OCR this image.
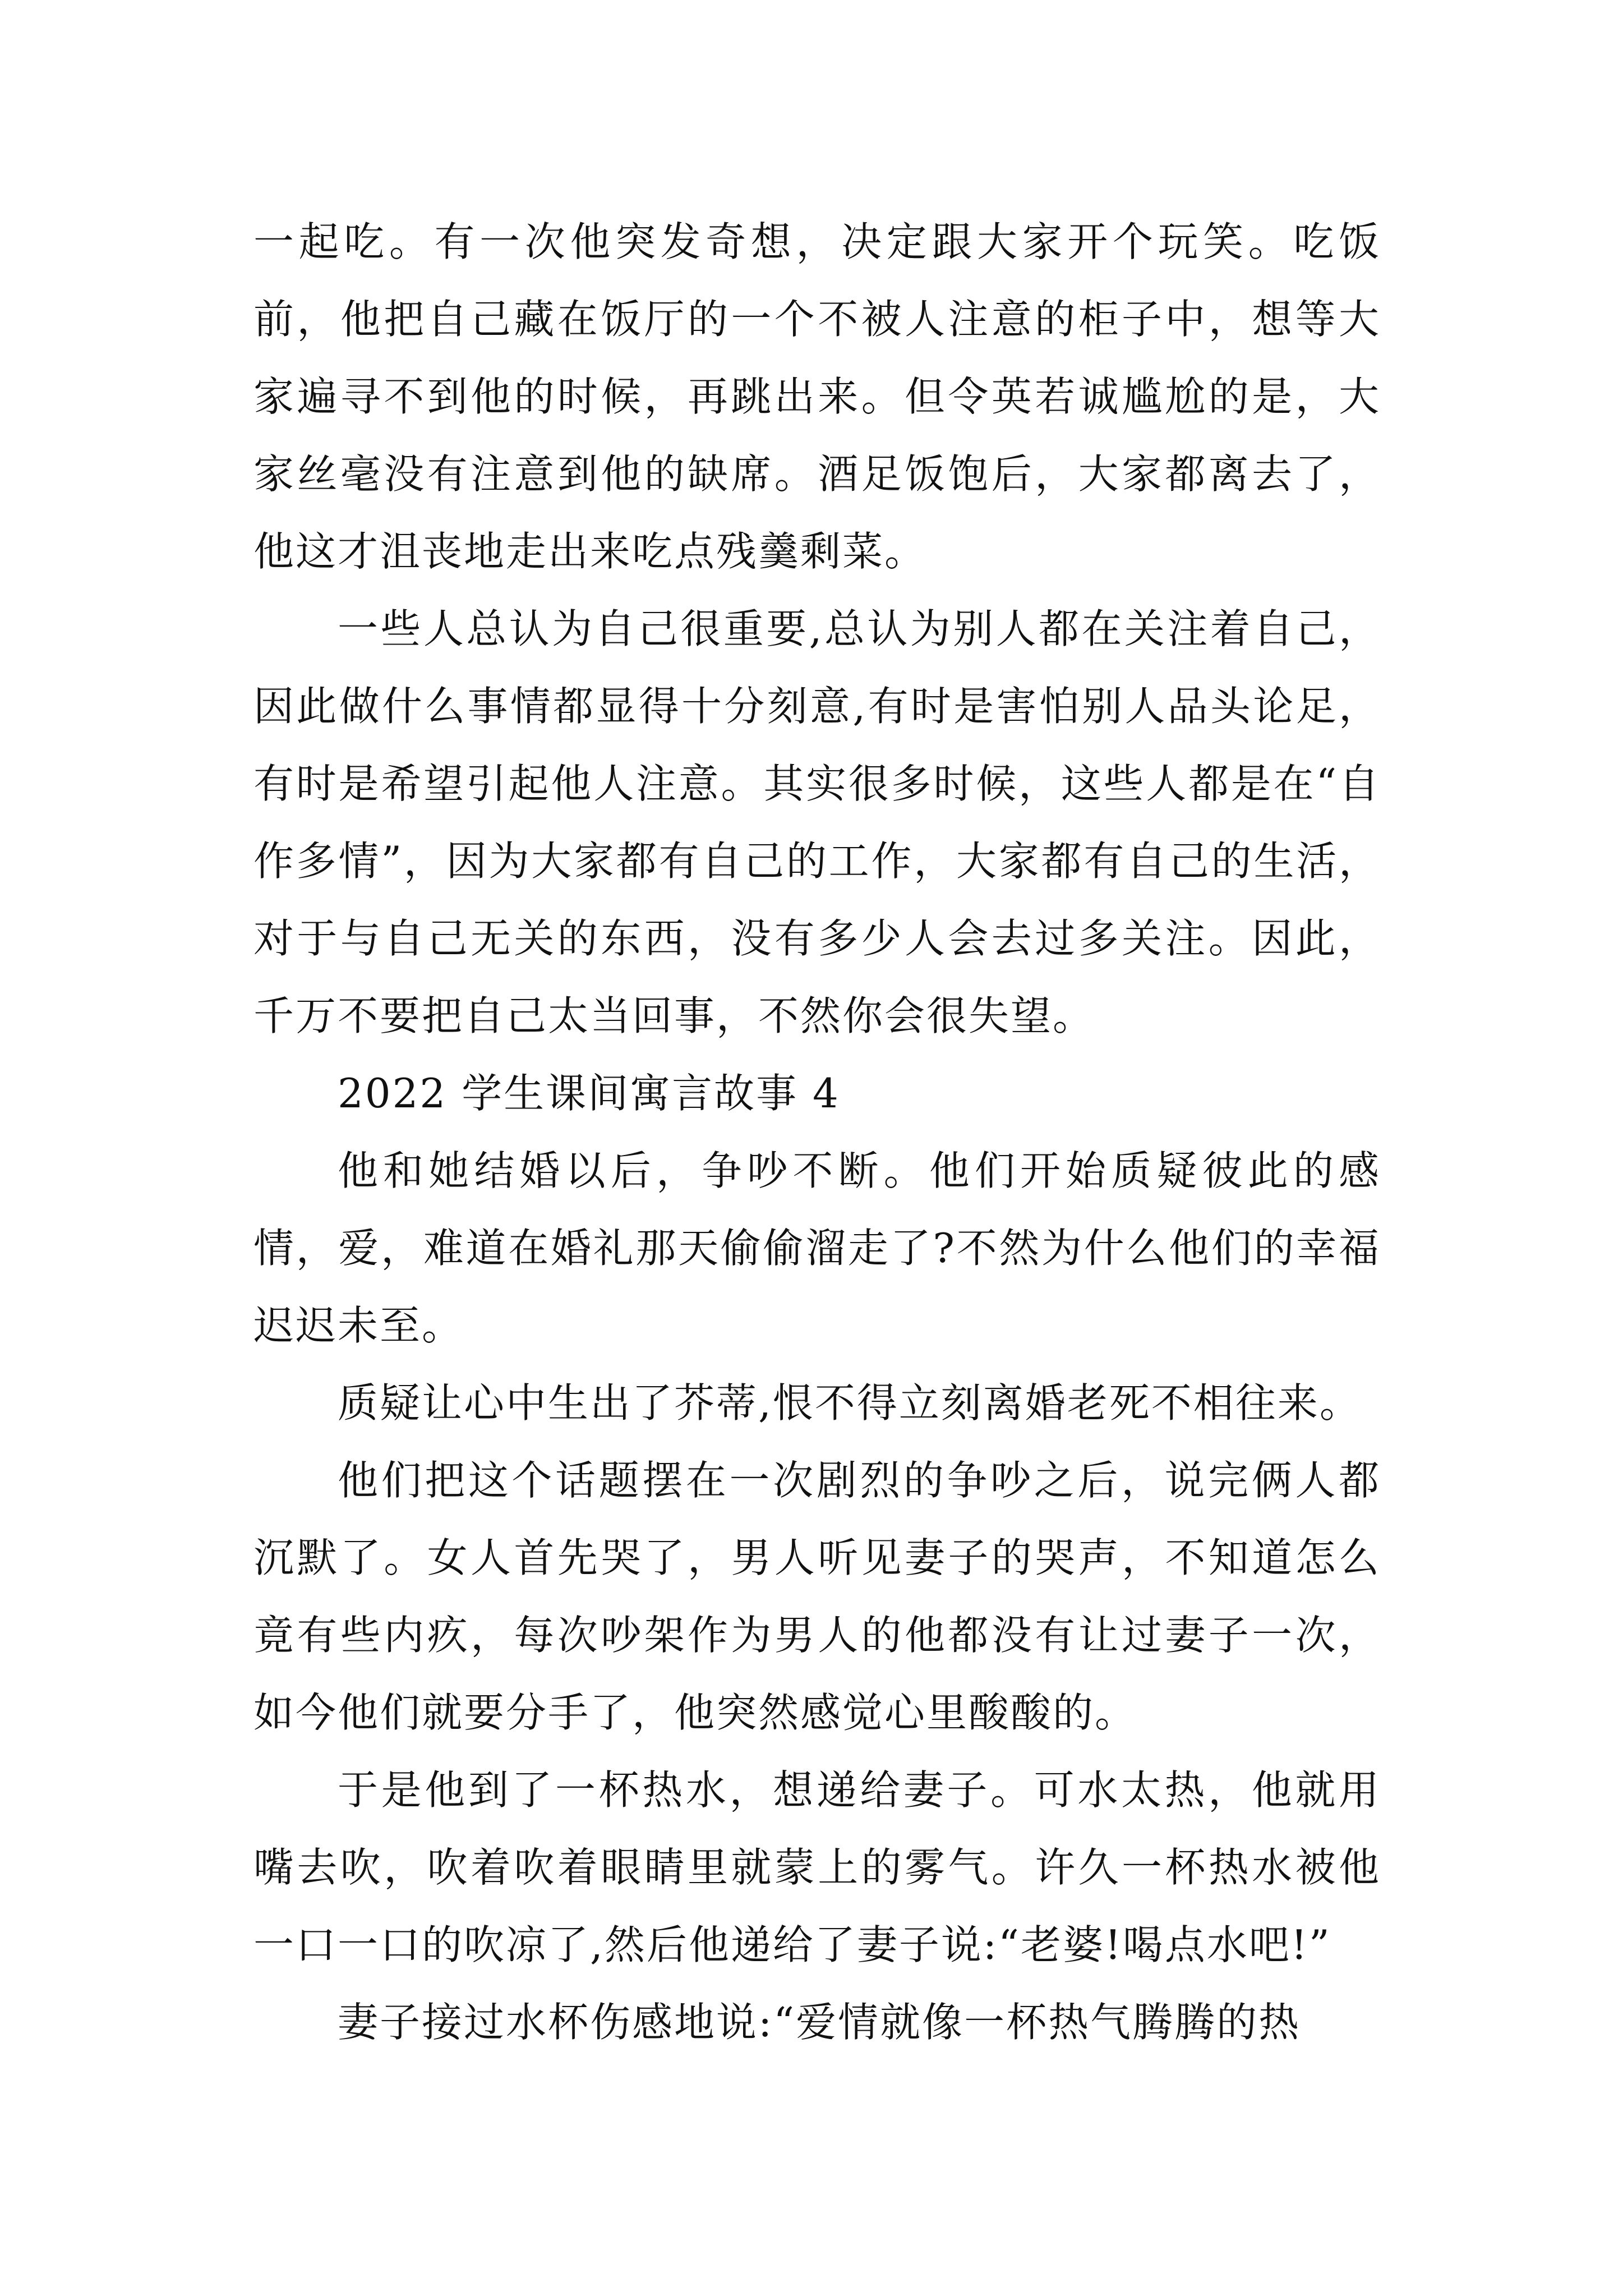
一起吃。有一次他突发奇想，决定跟大家开个玩笑。吃饭前，他把自己藏在饭厅的一个不被人注意的柜子中，想等大家遍寻不到他的时候，再跳出来。但令英若诚尴尬的是，大家丝毫没有注意到他的缺席。酒足饭饱后，大家都离去了，他这才沮丧地走出来吃点残羹剩菜。

一些人总认为自己很重要,总认为别人都在关注着自己，因此做什么事情都显得十分刻意,有时是害怕别人品头论足，有时是希望引起他人注意。其实很多时候，这些人都是在“自作多情”，因为大家都有自己的工作，大家都有自己的生活，对于与自己无关的东西，没有多少人会去过多关注。因此，千万不要把自己太当回事，不然你会很失望。

2022 学生课间寓言故事 4

他和她结婚以后，争吵不断。他们开始质疑彼此的感情，爱，难道在婚礼那天偷偷溜走了?不然为什么他们的幸福迟迟未至。

质疑让心中生出了芥蒂,恨不得立刻离婚老死不相往来。

他们把这个话题摆在一次剧烈的争吵之后，说完俩人都沉默了。女人首先哭了，男人听见妻子的哭声，不知道怎么竟有些内疚，每次吵架作为男人的他都没有让过妻子一次，如今他们就要分手了，他突然感觉心里酸酸的。

于是他到了一杯热水，想递给妻子。可水太热，他就用嘴去吹，吹着吹着眼睛里就蒙上的雾气。许久一杯热水被他一口一口的吹凉了,然后他递给了妻子说:“老婆!喝点水吧!”

妻子接过水杯伤感地说:“爱情就像一杯热气腾腾的热
